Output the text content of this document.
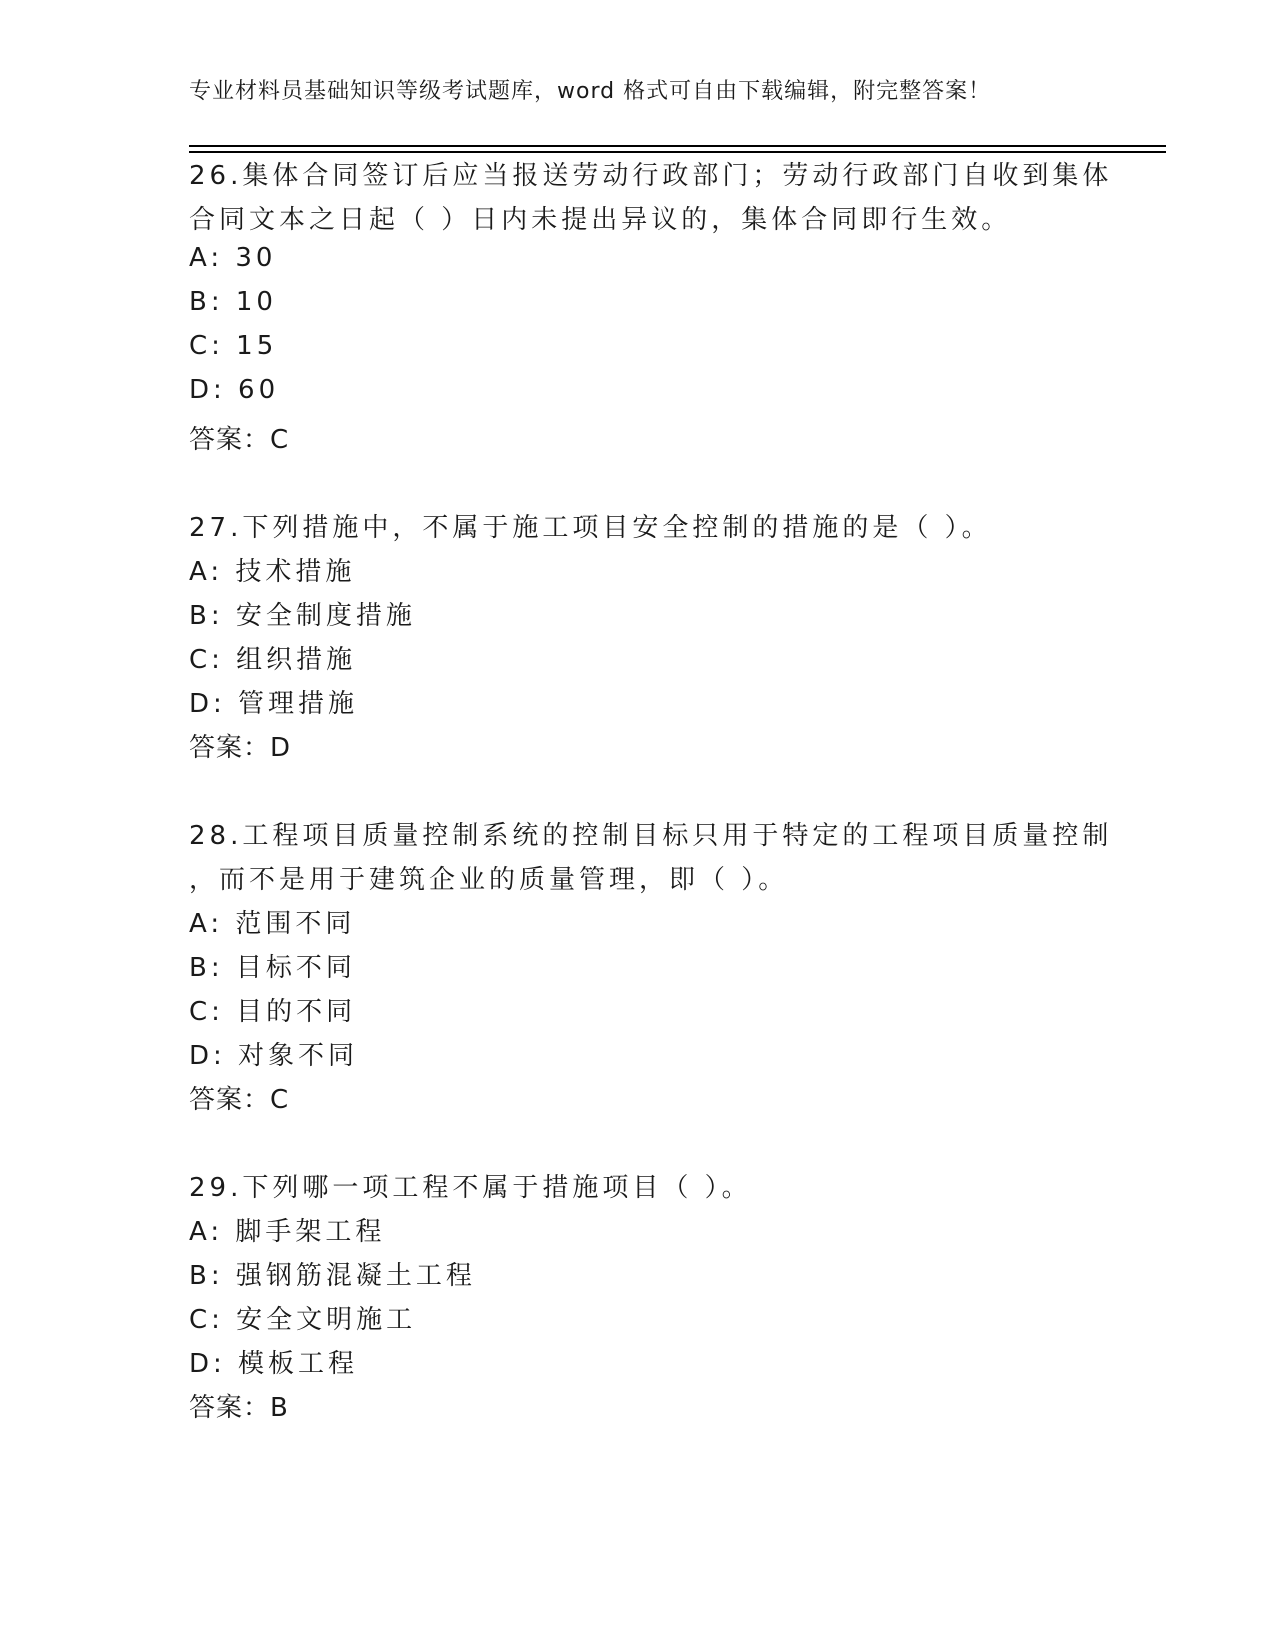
专业材料员基础知识等级考试题库，word 格式可自由下载编辑，附完整答案！
26.集体合同签订后应当报送劳动行政部门；劳动行政部门自收到集体
合同文本之日起（ ）日内未提出异议的，集体合同即行生效。
A: 30
B: 10
C: 15
D: 60
答案：C
27.下列措施中，不属于施工项目安全控制的措施的是（ ）。
A: 技术措施
B: 安全制度措施
C: 组织措施
D: 管理措施
答案：D
28.工程项目质量控制系统的控制目标只用于特定的工程项目质量控制
，而不是用于建筑企业的质量管理，即（ ）。
A: 范围不同
B: 目标不同
C: 目的不同
D: 对象不同
答案：C
29.下列哪一项工程不属于措施项目（ ）。
A: 脚手架工程
B: 强钢筋混凝土工程
C: 安全文明施工
D: 模板工程
答案：B
